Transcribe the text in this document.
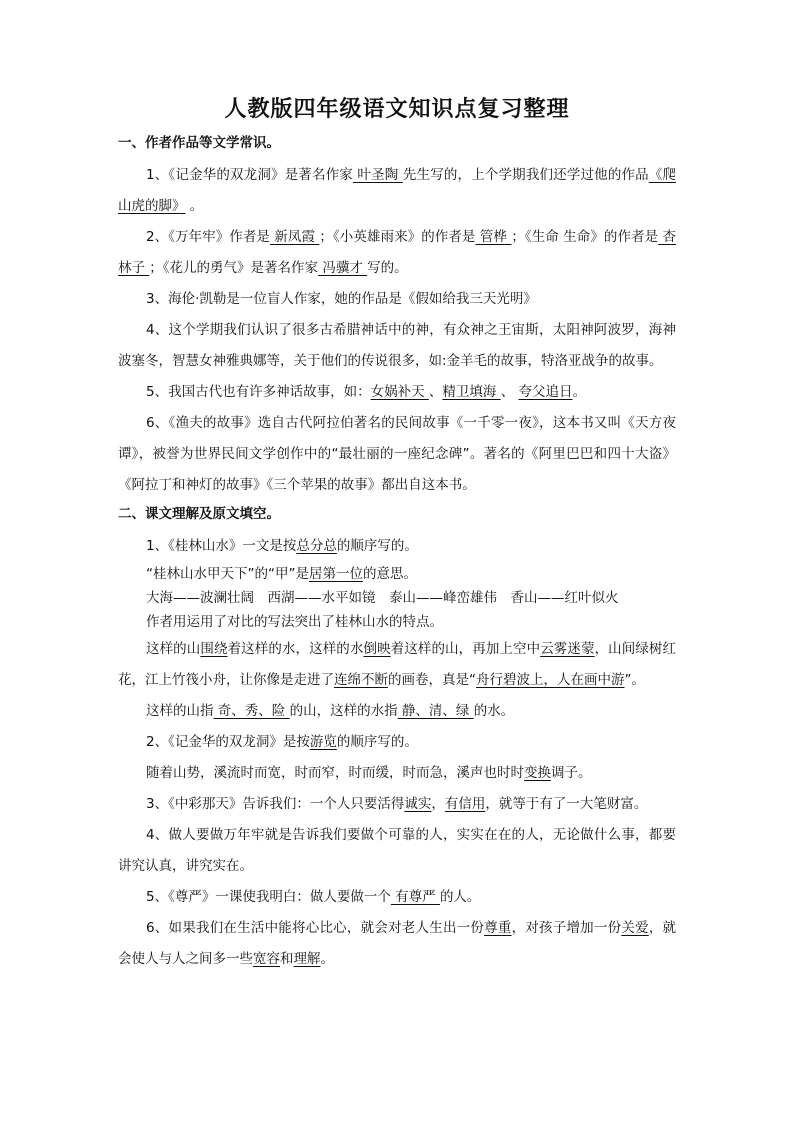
人教版四年级语文知识点复习整理
一、作者作品等文学常识。

1、《记金华的双龙洞》是著名作家 叶圣陶 先生写的，上个学期我们还学过他的作品《爬山虎的脚》 。

2、《万年牢》作者是 新凤霞 ；《小英雄雨来》的作者是 管桦 ；《生命 生命》的作者是 杏林子 ；《花儿的勇气》是著名作家 冯骥才 写的。

3、海伦·凯勒是一位盲人作家，她的作品是《假如给我三天光明》

4、这个学期我们认识了很多古希腊神话中的神，有众神之王宙斯，太阳神阿波罗，海神波塞冬，智慧女神雅典娜等，关于他们的传说很多，如:金羊毛的故事，特洛亚战争的故事。

5、我国古代也有许多神话故事，如：女娲补天 、精卫填海 、 夸父追日。

6、《渔夫的故事》选自古代阿拉伯著名的民间故事《一千零一夜》，这本书又叫《天方夜谭》，被誉为世界民间文学创作中的“最壮丽的一座纪念碑”。著名的《阿里巴巴和四十大盗》《阿拉丁和神灯的故事》《三个苹果的故事》都出自这本书。

二、课文理解及原文填空。

1、《桂林山水》一文是按总分总的顺序写的。

“桂林山水甲天下”的“甲”是居第一位的意思。

大海——波澜壮阔　西湖——水平如镜　泰山——峰峦雄伟　香山——红叶似火

作者用运用了对比的写法突出了桂林山水的特点。

这样的山围绕着这样的水，这样的水倒映着这样的山，再加上空中云雾迷蒙，山间绿树红花，江上竹筏小舟，让你像是走进了连绵不断的画卷，真是“舟行碧波上，人在画中游”。

这样的山指 奇、秀、险 的山，这样的水指 静、清、绿 的水。

2、《记金华的双龙洞》是按游览的顺序写的。

随着山势，溪流时而宽，时而窄，时而缓，时而急，溪声也时时变换调子。

3、《中彩那天》告诉我们：一个人只要活得诚实，有信用，就等于有了一大笔财富。

4、做人要做万年牢就是告诉我们要做个可靠的人，实实在在的人，无论做什么事，都要讲究认真，讲究实在。

5、《尊严》一课使我明白：做人要做一个 有尊严 的人。

6、如果我们在生活中能将心比心，就会对老人生出一份尊重，对孩子增加一份关爱，就会使人与人之间多一些宽容和理解。
